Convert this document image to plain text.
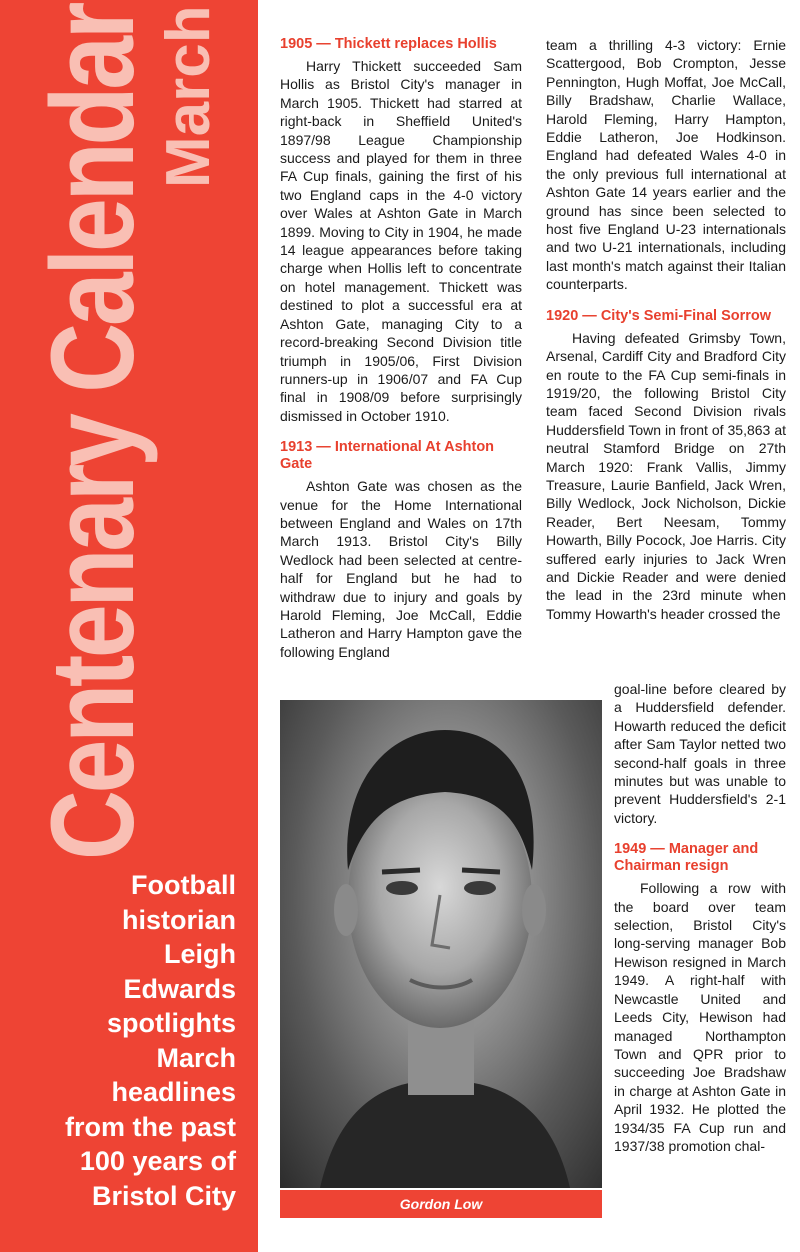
Centenary Calendar
March
Football
historian
Leigh
Edwards
spotlights
March
headlines
from the past
100 years of
Bristol City
1905 — Thickett replaces Hollis

Harry Thickett succeeded Sam Hollis as Bristol City's manager in March 1905. Thickett had starred at right-back in Sheffield United's 1897/98 League Championship success and played for them in three FA Cup finals, gaining the first of his two England caps in the 4-0 victory over Wales at Ashton Gate in March 1899. Moving to City in 1904, he made 14 league appearances before taking charge when Hollis left to concentrate on hotel management. Thickett was destined to plot a successful era at Ashton Gate, managing City to a record-breaking Second Division title triumph in 1905/06, First Division runners-up in 1906/07 and FA Cup final in 1908/09 before surprisingly dismissed in October 1910.

1913 — International At Ashton Gate

Ashton Gate was chosen as the venue for the Home International between England and Wales on 17th March 1913. Bristol City's Billy Wedlock had been selected at centre-half for England but he had to withdraw due to injury and goals by Harold Fleming, Joe McCall, Eddie Latheron and Harry Hampton gave the following England

team a thrilling 4-3 victory: Ernie Scattergood, Bob Crompton, Jesse Pennington, Hugh Moffat, Joe McCall, Billy Bradshaw, Charlie Wallace, Harold Fleming, Harry Hampton, Eddie Latheron, Joe Hodkinson. England had defeated Wales 4-0 in the only previous full international at Ashton Gate 14 years earlier and the ground has since been selected to host five England U-23 internationals and two U-21 internationals, including last month's match against their Italian counterparts.

1920 — City's Semi-Final Sorrow

Having defeated Grimsby Town, Arsenal, Cardiff City and Bradford City en route to the FA Cup semi-finals in 1919/20, the following Bristol City team faced Second Division rivals Huddersfield Town in front of 35,863 at neutral Stamford Bridge on 27th March 1920: Frank Vallis, Jimmy Treasure, Laurie Banfield, Jack Wren, Billy Wedlock, Jock Nicholson, Dickie Reader, Bert Neesam, Tommy Howarth, Billy Pocock, Joe Harris. City suffered early injuries to Jack Wren and Dickie Reader and were denied the lead in the 23rd minute when Tommy Howarth's header crossed the

goal-line before cleared by a Huddersfield defender. Howarth reduced the deficit after Sam Taylor netted two second-half goals in three minutes but was unable to prevent Huddersfield's 2-1 victory.

1949 — Manager and Chairman resign

Following a row with the board over team selection, Bristol City's long-serving manager Bob Hewison resigned in March 1949. A right-half with Newcastle United and Leeds City, Hewison had managed Northampton Town and QPR prior to succeeding Joe Bradshaw in charge at Ashton Gate in April 1932. He plotted the 1934/35 FA Cup run and 1937/38 promotion chal-

Gordon Low
